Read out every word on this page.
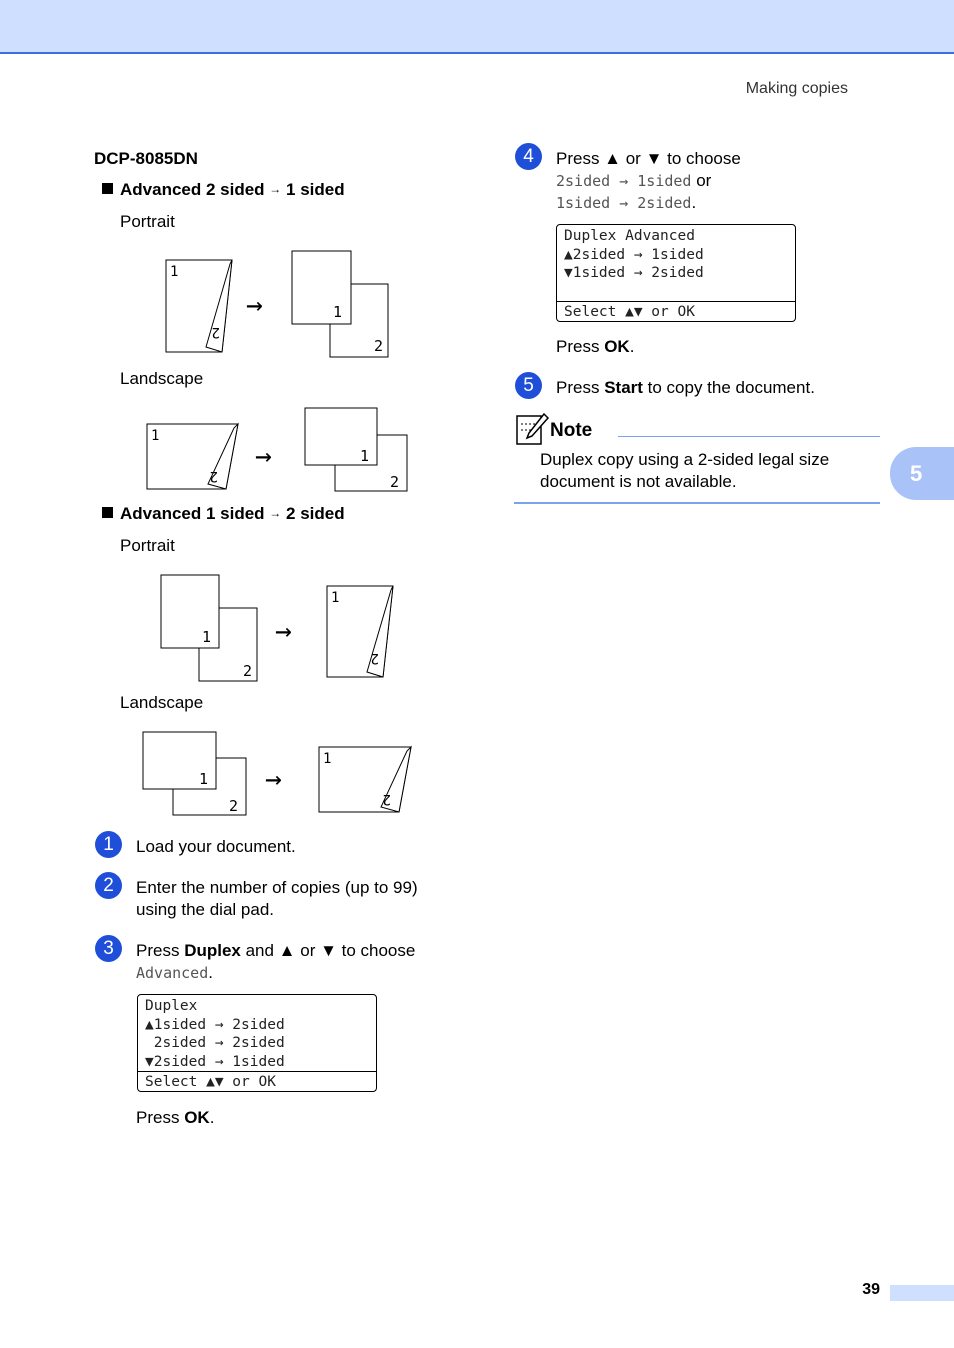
Making copies
DCP-8085DN
Advanced 2 sided → 1 sided
Portrait
1
2
→
2
1
Landscape
1
2
→
2
1
Advanced 1 sided → 2 sided
Portrait
2
1 →
1
2
Landscape
2
1 →
1
2
1	Load your document.
2	Enter the number of copies (up to 99)
using the dial pad.
3	Press Duplex and ▲ or ▼ to choose
Advanced.
Duplex
▲1sided → 2sided
2sided → 2sided
▼2sided → 1sided
Select ▲▼ or OK
Press OK.
4	Press ▲ or ▼ to choose
2sided → 1sided or
1sided → 2sided.
Duplex Advanced
▲2sided → 1sided
▼1sided → 2sided
Select ▲▼ or OK
Press OK.
5	Press Start to copy the document.
Note
Duplex copy using a 2-sided legal size
document is not available.	5
39
